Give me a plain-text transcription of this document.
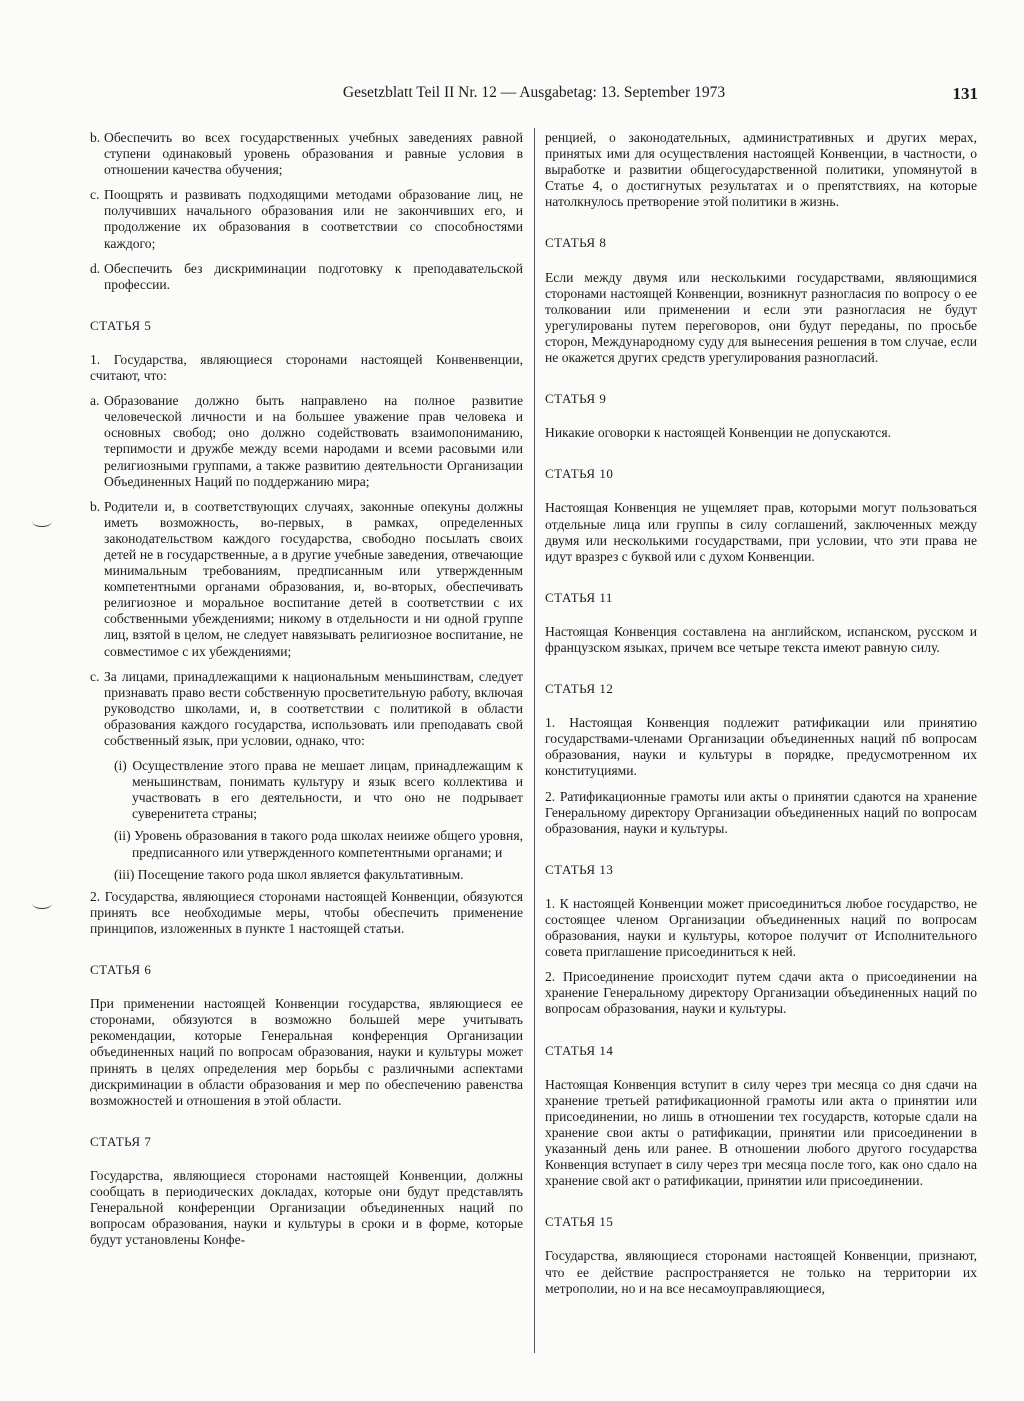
Gesetzblatt Teil II Nr. 12 — Ausgabetag: 13. September 1973	131
b. Обеспечить во всех государственных учебных заведениях равной ступени одинаковый уровень образования и равные условия в отношении качества обучения;
c. Поощрять и развивать подходящими методами образование лиц, не получивших начального образования или не закончивших его, и продолжение их образования в соответствии со способностями каждого;
d. Обеспечить без дискриминации подготовку к преподавательской профессии.
СТАТЬЯ 5

1. Государства, являющиеся сторонами настоящей Конвенвенции, считают, что:

a. Образование должно быть направлено на полное развитие человеческой личности и на большее уважение прав человека и основных свобод; оно должно содействовать взаимопониманию, терпимости и дружбе между всеми народами и всеми расовыми или религиозными группами, а также развитию деятельности Организации Объединенных Наций по поддержанию мира;
b. Родители и, в соответствующих случаях, законные опекуны должны иметь возможность, во-первых, в рамках, определенных законодательством каждого государства, свободно посылать своих детей не в государственные, а в другие учебные заведения, отвечающие минимальным требованиям, предписанным или утвержденным компетентными органами образования, и, во-вторых, обеспечивать религиозное и моральное воспитание детей в соответствии с их собственными убеждениями; никому в отдельности и ни одной группе лиц, взятой в целом, не следует навязывать религиозное воспитание, не совместимое с их убеждениями;
c. За лицами, принадлежащими к национальным меньшинствам, следует признавать право вести собственную просветительную работу, включая руководство школами, и, в соответствии с политикой в области образования каждого государства, использовать или преподавать свой собственный язык, при условии, однако, что:
(i) Осуществление этого права не мешает лицам, принадлежащим к меньшинствам, понимать культуру и язык всего коллектива и участвовать в его деятельности, и что оно не подрывает суверенитета страны;
(ii) Уровень образования в такого рода школах неииже общего уровня, предписанного или утвержденного компетентными органами; и
(iii) Посещение такого рода школ является факультативным.

2. Государства, являющиеся сторонами настоящей Конвенции, обязуются принять все необходимые меры, чтобы обеспечить применение принципов, изложенных в пункте 1 настоящей статьи.

СТАТЬЯ 6

При применении настоящей Конвенции государства, являющиеся ее сторонами, обязуются в возможно большей мере учитывать рекомендации, которые Генеральная конференция Организации объединенных наций по вопросам образования, науки и культуры может принять в целях определения мер борьбы с различными аспектами дискриминации в области образования и мер по обеспечению равенства возможностей и отношения в этой области.

СТАТЬЯ 7

Государства, являющиеся сторонами настоящей Конвенции, должны сообщать в периодических докладах, которые они будут представлять Генеральной конференции Организации объединенных наций по вопросам образования, науки и культуры в сроки и в форме, которые будут установлены Конфе-

ренцией, о законодательных, административных и других мерах, принятых ими для осуществления настоящей Конвенции, в частности, о выработке и развитии общегосударственной политики, упомянутой в Статье 4, о достигнутых результатах и о препятствиях, на которые натолкнулось претворение этой политики в жизнь.

СТАТЬЯ 8

Если между двумя или несколькими государствами, являющимися сторонами настоящей Конвенции, возникнут разногласия по вопросу о ее толковании или применении и если эти разногласия не будут урегулированы путем переговоров, они будут переданы, по просьбе сторон, Международному суду для вынесения решения в том случае, если не окажется других средств урегулирования разногласий.

СТАТЬЯ 9

Никакие оговорки к настоящей Конвенции не допускаются.

СТАТЬЯ 10

Настоящая Конвенция не ущемляет прав, которыми могут пользоваться отдельные лица или группы в силу соглашений, заключенных между двумя или несколькими государствами, при условии, что эти права не идут вразрез с буквой или с духом Конвенции.

СТАТЬЯ 11

Настоящая Конвенция составлена на английском, испанском, русском и французском языках, причем все четыре текста имеют равную силу.

СТАТЬЯ 12

1. Настоящая Конвенция подлежит ратификации или принятию государствами-членами Организации объединенных наций пб вопросам образования, науки и культуры в порядке, предусмотренном их конституциями.

2. Ратификационные грамоты или акты о принятии сдаются на хранение Генеральному директору Организации объединенных наций по вопросам образования, науки и культуры.

СТАТЬЯ 13

1. К настоящей Конвенции может присоединиться любое государство, не состоящее членом Организации объединенных наций по вопросам образования, науки и культуры, которое получит от Исполнительного совета приглашение присоединиться к ней.

2. Присоединение происходит путем сдачи акта о присоединении на хранение Генеральному директору Организации объединенных наций по вопросам образования, науки и культуры.

СТАТЬЯ 14

Настоящая Конвенция вступит в силу через три месяца со дня сдачи на хранение третьей ратификационной грамоты или акта о принятии или присоединении, но лишь в отношении тех государств, которые сдали на хранение свои акты о ратификации, принятии или присоединении в указанный день или ранее. В отношении любого другого государства Конвенция вступает в силу через три месяца после того, как оно сдало на хранение свой акт о ратификации, принятии или присоединении.

СТАТЬЯ 15

Государства, являющиеся сторонами настоящей Конвенции, признают, что ее действие распространяется не только на территории их метрополии, но и на все несамоуправляющиеся,
